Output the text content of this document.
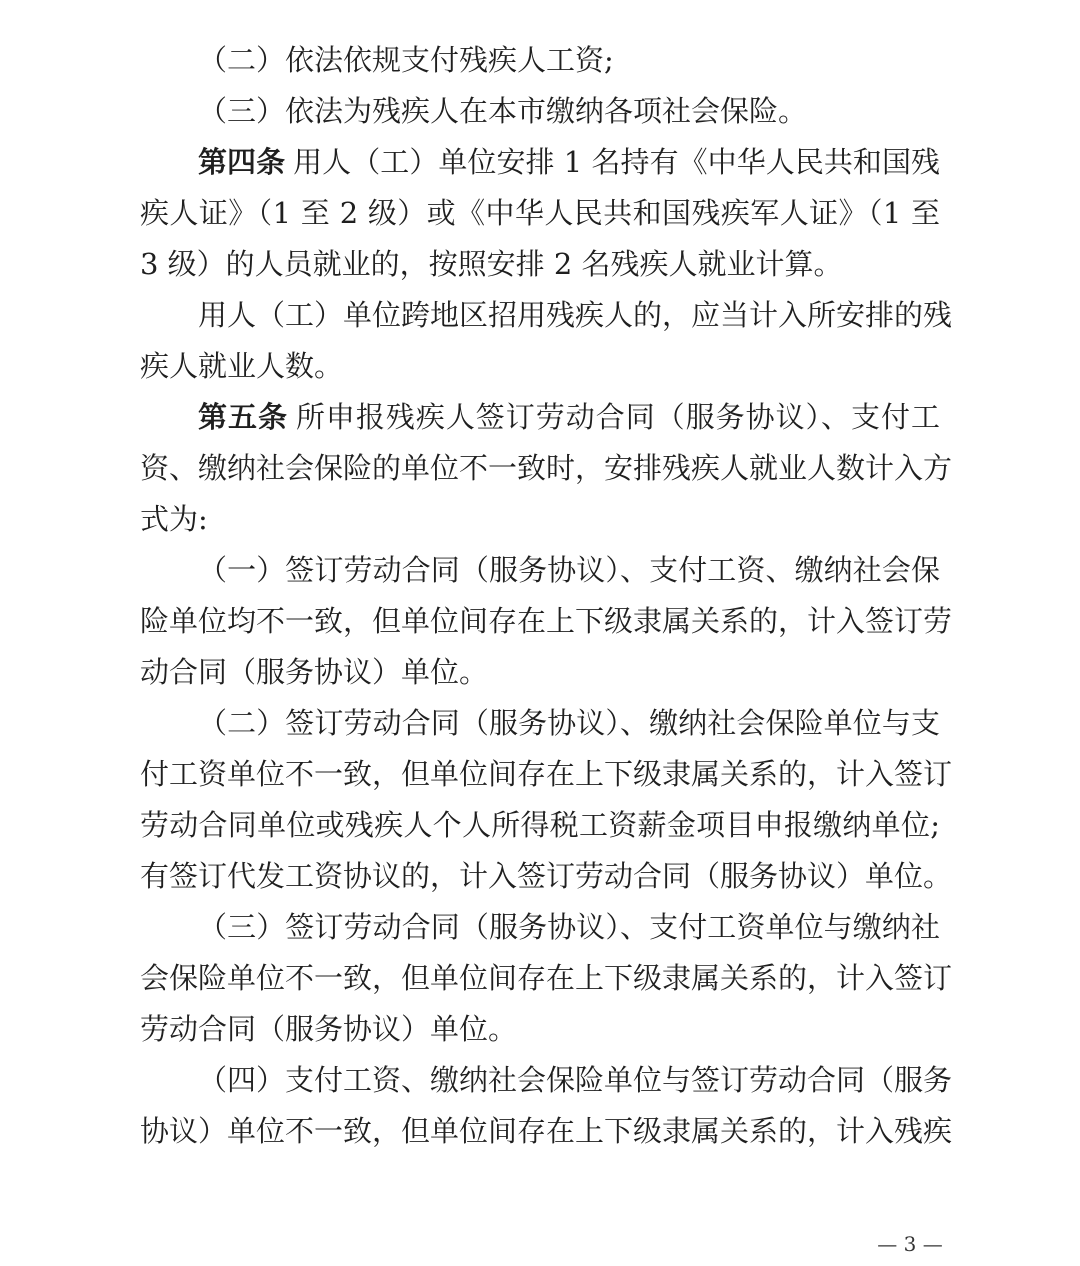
（二）依法依规支付残疾人工资;
（三）依法为残疾人在本市缴纳各项社会保险。
第四条 用人（工）单位安排 1 名持有《中华人民共和国残
疾人证》（1 至 2 级）或《中华人民共和国残疾军人证》（1 至
3 级）的人员就业的，按照安排 2 名残疾人就业计算。
用人（工）单位跨地区招用残疾人的，应当计入所安排的残
疾人就业人数。
第五条 所申报残疾人签订劳动合同（服务协议）、支付工
资、缴纳社会保险的单位不一致时，安排残疾人就业人数计入方
式为:
（一）签订劳动合同（服务协议）、支付工资、缴纳社会保
险单位均不一致，但单位间存在上下级隶属关系的，计入签订劳
动合同（服务协议）单位。
（二）签订劳动合同（服务协议）、缴纳社会保险单位与支
付工资单位不一致，但单位间存在上下级隶属关系的，计入签订
劳动合同单位或残疾人个人所得税工资薪金项目申报缴纳单位;
有签订代发工资协议的，计入签订劳动合同（服务协议）单位。
（三）签订劳动合同（服务协议）、支付工资单位与缴纳社
会保险单位不一致，但单位间存在上下级隶属关系的，计入签订
劳动合同（服务协议）单位。
（四）支付工资、缴纳社会保险单位与签订劳动合同（服务
协议）单位不一致，但单位间存在上下级隶属关系的，计入残疾
— 3 —
